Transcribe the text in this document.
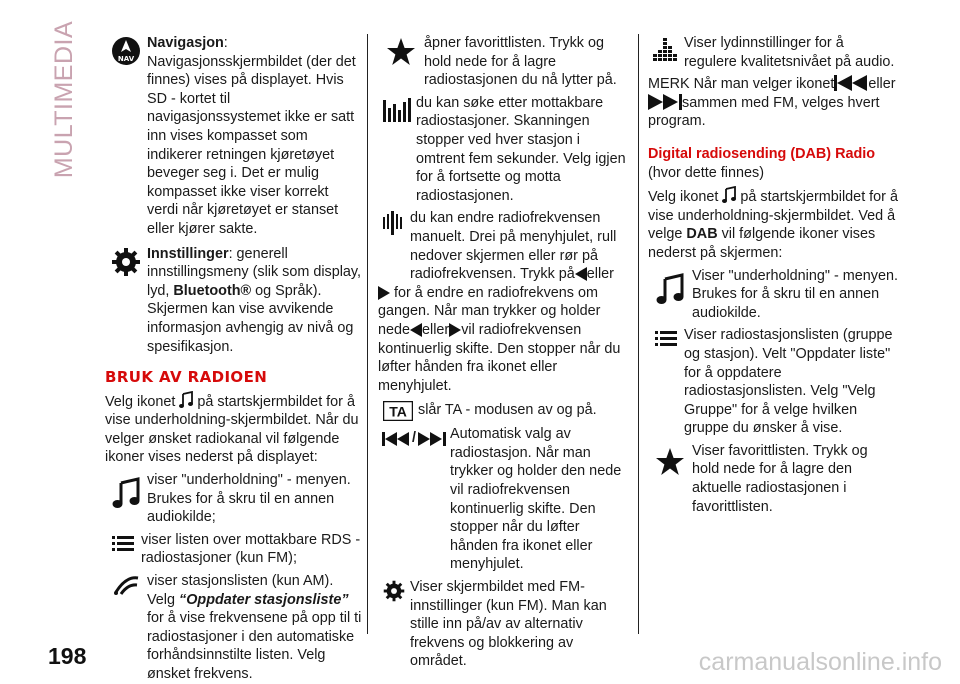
MULTIMEDIA
198	carmanualsonline.info
NAV

Navigasjon:
Navigasjonsskjermbildet (der det finnes) vises på displayet. Hvis SD - kortet til navigasjonssystemet ikke er satt inn vises kompasset som indikerer retningen kjøretøyet beveger seg i. Det er mulig kompasset ikke viser korrekt verdi når kjøretøyet er stanset eller kjører sakte.

Innstillinger: generell innstillingsmeny (slik som display, lyd, Bluetooth® og Språk).

Skjermen kan vise avvikende informasjon avhengig av nivå og spesifikasjon.

BRUK AV RADIOEN

Velg ikonet på startskjermbildet for å vise underholdning-skjermbildet. Når du velger ønsket radiokanal vil følgende ikoner vises nederst på displayet:

viser "underholdning" - menyen. Brukes for å skru til en annen audiokilde;

viser listen over mottakbare RDS - radiostasjoner (kun FM);

viser stasjonslisten (kun AM). Velg “Oppdater stasjonsliste” for å vise frekvensene på opp til ti radiostasjoner i den automatiske forhåndsinnstilte listen. Velg ønsket frekvens.

åpner favorittlisten. Trykk og hold nede for å lagre radiostasjonen du nå lytter på.

du kan søke etter mottakbare radiostasjoner. Skanningen stopper ved hver stasjon i omtrent fem sekunder. Velg igjen for å fortsette og motta radiostasjonen.

du kan endre radiofrekvensen manuelt. Drei på menyhjulet, rull nedover skjermen eller rør på radiofrekvensen. Trykk på eller

for å endre en radiofrekvens om gangen. Når man trykker og holder nede eller vil radiofrekvensen kontinuerlig skifte. Den stopper når du løfter hånden fra ikonet eller menyhjulet.

TA slår TA - modusen av og på.

/ Automatisk valg av radiostasjon. Når man trykker og holder den nede vil radiofrekvensen kontinuerlig skifte. Den stopper når du løfter hånden fra ikonet eller menyhjulet.

Viser skjermbildet med FM-innstillinger (kun FM). Man kan stille inn på/av av alternativ frekvens og blokkering av området.

Viser lydinnstillinger for å regulere kvalitetsnivået på audio.

MERK Når man velger ikonet eller

sammen med FM, velges hvert program.

Digital radiosending (DAB) Radio

(hvor dette finnes)

Velg ikonet på startskjermbildet for å vise underholdning-skjermbildet. Ved å velge DAB vil følgende ikoner vises nederst på skjermen:

Viser "underholdning" - menyen. Brukes for å skru til en annen audiokilde.

Viser radiostasjonslisten (gruppe og stasjon). Velt "Oppdater liste" for å oppdatere radiostasjonslisten. Velg "Velg Gruppe" for å velge hvilken gruppe du ønsker å vise.

Viser favorittlisten. Trykk og hold nede for å lagre den aktuelle radiostasjonen i favorittlisten.
